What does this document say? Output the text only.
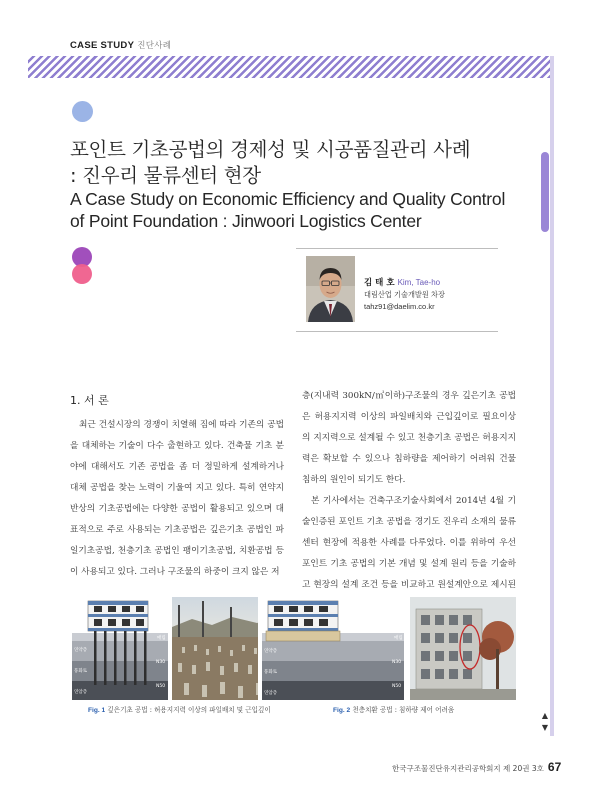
CASE STUDY 진단사례
▲
▼
포인트 기초공법의 경제성 및 시공품질관리 사례
: 진우리 물류센터 현장
A Case Study on Economic Efficiency and Quality Control
of Point Foundation : Jinwoori Logistics Center
김 태 호 Kim, Tae-ho
대림산업 기술개발원 차장
tahz91@daelim.co.kr
1. 서 론
최근 건설시장의 경쟁이 치열해 짐에 따라 기존의 공법을 대체하는 기술이 다수 출현하고 있다. 건축물 기초 분야에 대해서도 기존 공법을 좀 더 정밀하게 설계하거나 대체 공법을 찾는 노력이 기울여 지고 있다. 특히 연약지반상의 기초공법에는 다양한 공법이 활용되고 있으며 대표적으로 주로 사용되는 기초공법은 깊은기초 공법인 파일기초공법, 천층기초 공법인 팽이기초공법, 치환공법 등이 사용되고 있다. 그러나 구조물의 하중이 크지 않은 저

층(지내력 300kN/㎡이하)구조물의 경우 깊은기초 공법은 허용지지력 이상의 파일배치와 근입깊이로 필요이상의 지지력으로 설계될 수 있고 천층기초 공법은 허용지지력은 확보할 수 있으나 침하량을 제어하기 어려워 건물 침하의 원인이 되기도 한다.

본 기사에서는 건축구조기술사회에서 2014년 4월 기술인증된 포인트 기초 공법을 경기도 진우리 소재의 물류센터 현장에 적용한 사례를 다루었다. 이를 위하여 우선 포인트 기초 공법의 기본 개념 및 설계 원리 등을 기술하고 현장의 설계 조건 등을 비교하고 원설계안으로 제시된

연약층
풍화토
연암층
매립
N30
N50
연약층
풍화토
연암층
매립
N30
N50
Fig. 1 깊은기초 공법 : 허용지지력 이상의 파일배치 및 근입깊이	Fig. 2 천층치환 공법 : 침하량 제어 어려움
한국구조물진단유지관리공학회지 제 20권 3호 67
